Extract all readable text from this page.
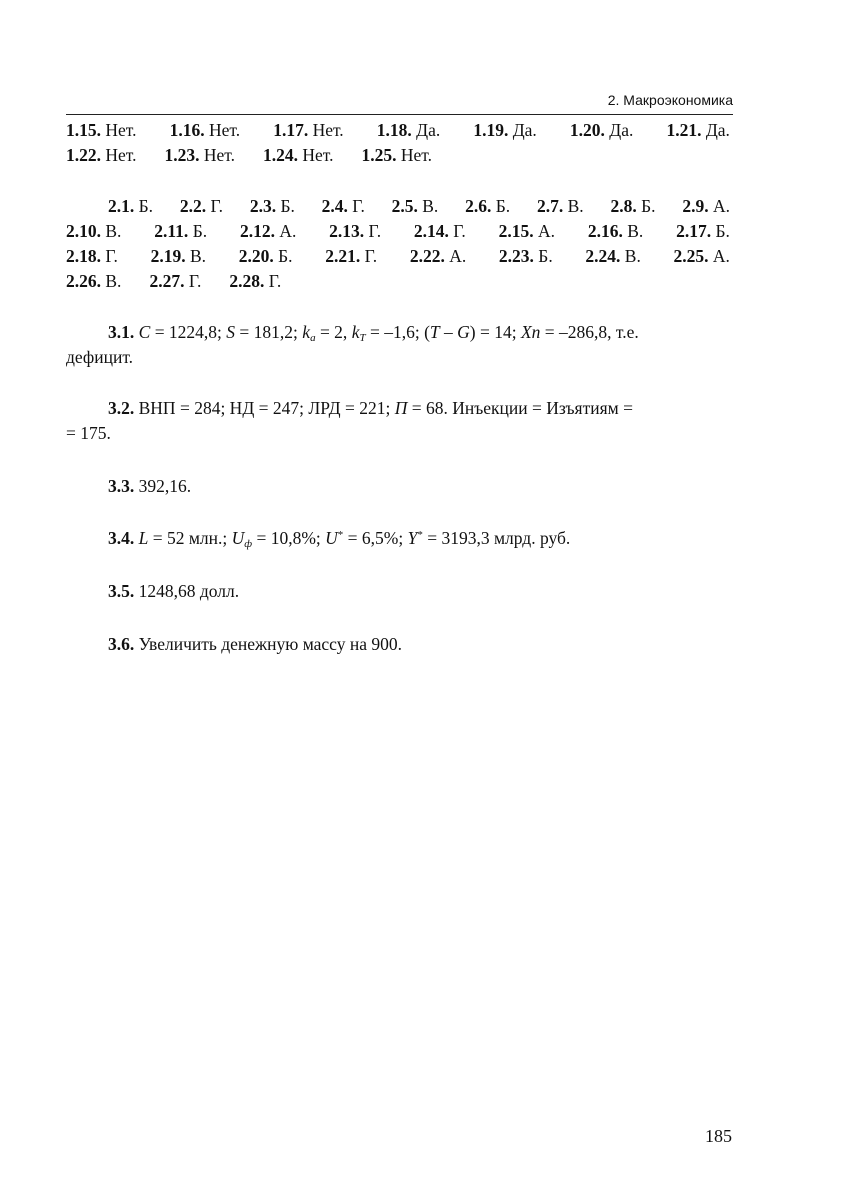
2. Макроэкономика
1.15. Нет. 1.16. Нет. 1.17. Нет. 1.18. Да. 1.19. Да. 1.20. Да. 1.21. Да.
1.22. Нет. 1.23. Нет. 1.24. Нет. 1.25. Нет.
2.1. Б. 2.2. Г. 2.3. Б. 2.4. Г. 2.5. В. 2.6. Б. 2.7. В. 2.8. Б. 2.9. А.
2.10. В. 2.11. Б. 2.12. А. 2.13. Г. 2.14. Г. 2.15. А. 2.16. В. 2.17. Б.
2.18. Г. 2.19. В. 2.20. Б. 2.21. Г. 2.22. А. 2.23. Б. 2.24. В. 2.25. А.
2.26. В. 2.27. Г. 2.28. Г.
3.1. C = 1224,8; S = 181,2; $k_a = 2$, $k_T = -1,6$; (T – G) = 14; Xn = –286,8, т.е.
дефицит.
3.2. ВНП = 284; НД = 247; ЛРД = 221; П = 68. Инъекции = Изъятиям =
= 175.
3.3. 392,16.
3.4. L = 52 млн.; $U_ф = 10,8\%$; U* = 6,5%; Y* = 3193,3 млрд. руб.
3.5. 1248,68 долл.
3.6. Увеличить денежную массу на 900.
185
